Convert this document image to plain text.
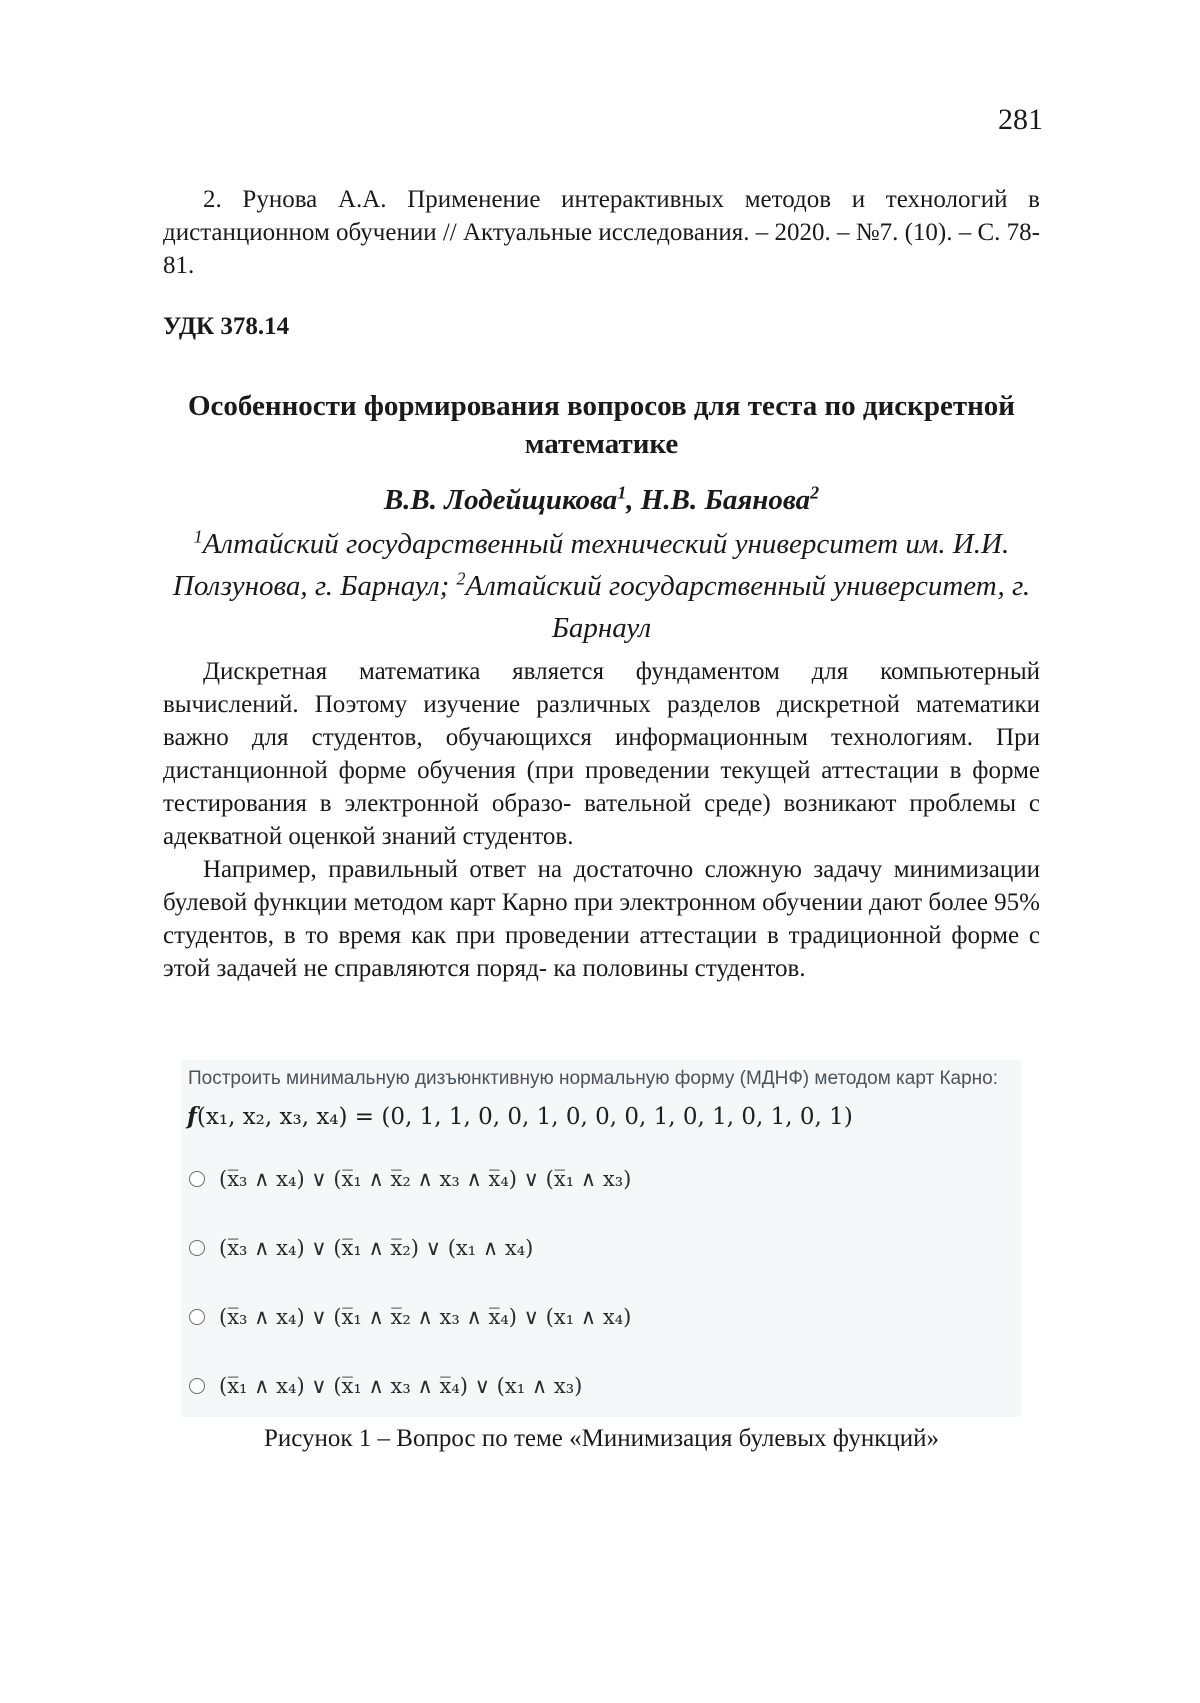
281

2. Рунова А.А. Применение интерактивных методов и технологий в дистанционном обучении // Актуальные исследования. – 2020. – №7. (10). – С. 78-81.

УДК 378.14
Особенности формирования вопросов для теста по дискретной математике
В.В. Лодейщикова$^1$, Н.В. Баянова$^2$
$^1$Алтайский государственный технический университет им. И.И. Ползунова, г. Барнаул; $^2$Алтайский государственный университет, г. Барнаул

Дискретная математика является фундаментом для компьютерный вычислений. Поэтому изучение различных разделов дискретной математики важно для студентов, обучающихся информационным технологиям. При дистанционной форме обучения (при проведении текущей аттестации в форме тестирования в электронной образо- вательной среде) возникают проблемы с адекватной оценкой знаний студентов.

Например, правильный ответ на достаточно сложную задачу минимизации булевой функции методом карт Карно при электронном обучении дают более 95% студентов, в то время как при проведении аттестации в традиционной форме с этой задачей не справляются поряд- ка половины студентов.

Построить минимальную дизъюнктивную нормальную форму (МДНФ) методом карт Карно:
f(x₁, x₂, x₃, x₄) = (0, 1, 1, 0, 0, 1, 0, 0, 0, 1, 0, 1, 0, 1, 0, 1)
(x̅₃ ∧ x₄) ∨ (x̅₁ ∧ x̅₂ ∧ x₃ ∧ x̅₄) ∨ (x̅₁ ∧ x₃)
(x̅₃ ∧ x₄) ∨ (x̅₁ ∧ x̅₂) ∨ (x₁ ∧ x₄)
(x̅₃ ∧ x₄) ∨ (x̅₁ ∧ x̅₂ ∧ x₃ ∧ x̅₄) ∨ (x₁ ∧ x₄)
(x̅₁ ∧ x₄) ∨ (x̅₁ ∧ x₃ ∧ x̅₄) ∨ (x₁ ∧ x₃)
Рисунок 1 – Вопрос по теме «Минимизация булевых функций»
